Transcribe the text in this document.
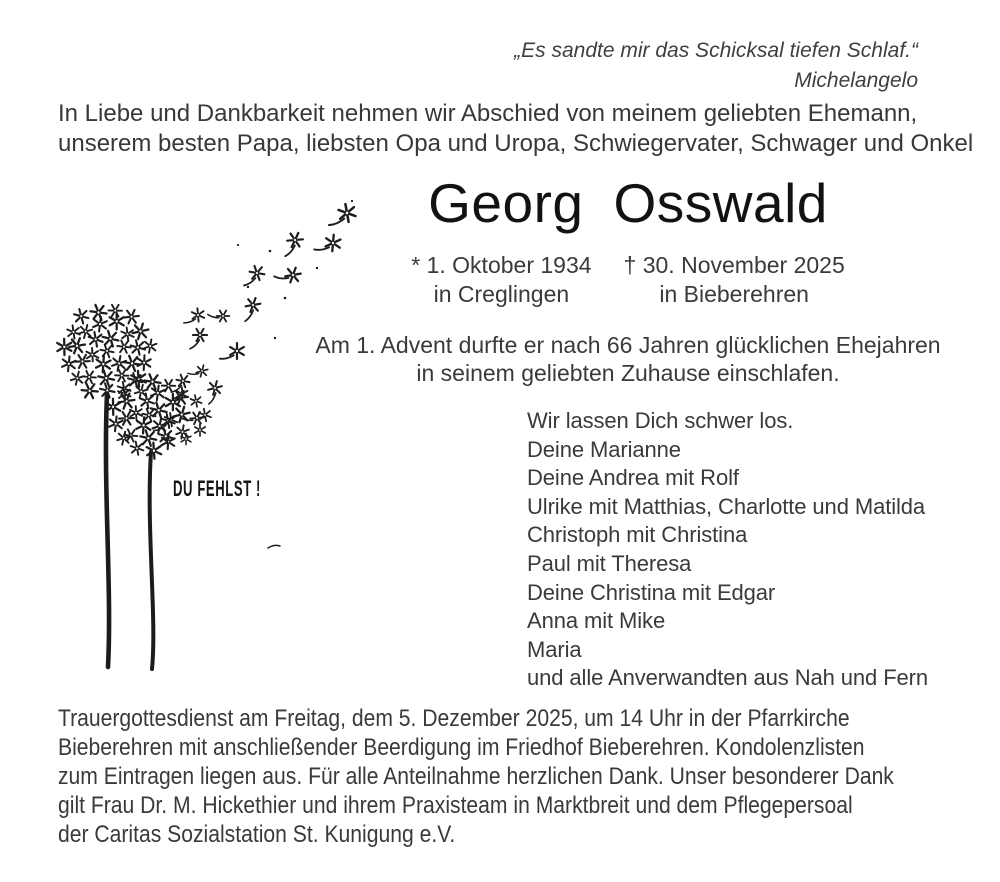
„Es sandte mir das Schicksal tiefen Schlaf.“
Michelangelo
In Liebe und Dankbarkeit nehmen wir Abschied von meinem geliebten Ehemann,
unserem besten Papa, liebsten Opa und Uropa, Schwiegervater, Schwager und Onkel
DU FEHLST !
Georg Osswald
* 1. Oktober 1934
in Creglingen
† 30. November 2025
in Bieberehren
Am 1. Advent durfte er nach 66 Jahren glücklichen Ehejahren
in seinem geliebten Zuhause einschlafen.
Wir lassen Dich schwer los.
Deine Marianne
Deine Andrea mit Rolf
Ulrike mit Matthias, Charlotte und Matilda
Christoph mit Christina
Paul mit Theresa
Deine Christina mit Edgar
Anna mit Mike
Maria
und alle Anverwandten aus Nah und Fern
Trauergottesdienst am Freitag, dem 5. Dezember 2025, um 14 Uhr in der Pfarrkirche
Bieberehren mit anschließender Beerdigung im Friedhof Bieberehren. Kondolenzlisten
zum Eintragen liegen aus. Für alle Anteilnahme herzlichen Dank. Unser besonderer Dank
gilt Frau Dr. M. Hickethier und ihrem Praxisteam in Marktbreit und dem Pflegepersoal
der Caritas Sozialstation St. Kunigung e.V.
